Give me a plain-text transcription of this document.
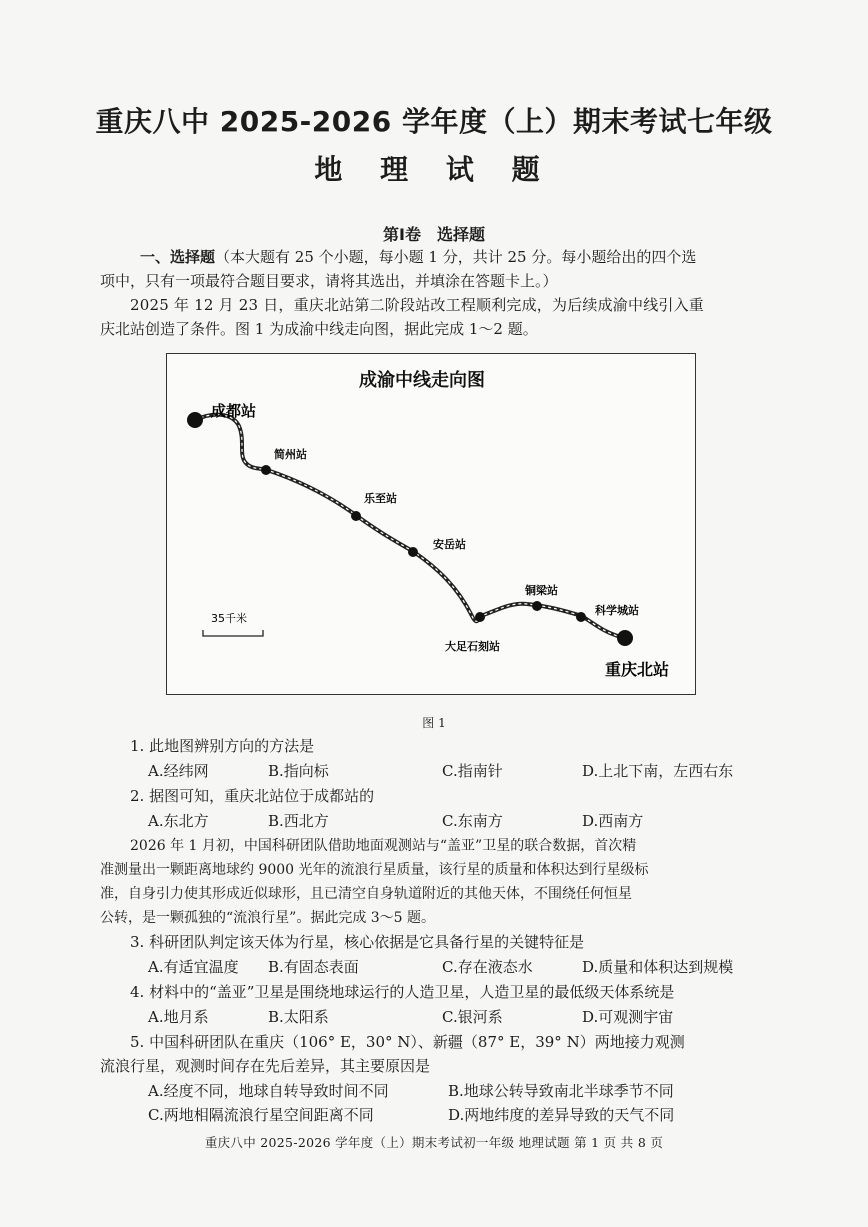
重庆八中 2025-2026 学年度（上）期末考试七年级
地 理 试 题
第Ⅰ卷　选择题
一、选择题（本大题有 25 个小题，每小题 1 分，共计 25 分。每小题给出的四个选
项中，只有一项最符合题目要求，请将其选出，并填涂在答题卡上。）
2025 年 12 月 23 日，重庆北站第二阶段站改工程顺利完成，为后续成渝中线引入重
庆北站创造了条件。图 1 为成渝中线走向图，据此完成 1～2 题。
成渝中线走向图
成都站
简州站
乐至站
安岳站
大足石刻站
铜梁站
科学城站
重庆北站
35千米
图 1
1. 此地图辨别方向的方法是
A.经纬网	B.指向标	C.指南针	D.上北下南，左西右东
2. 据图可知，重庆北站位于成都站的
A.东北方	B.西北方	C.东南方	D.西南方
2026 年 1 月初，中国科研团队借助地面观测站与“盖亚”卫星的联合数据，首次精
准测量出一颗距离地球约 9000 光年的流浪行星质量，该行星的质量和体积达到行星级标
准，自身引力使其形成近似球形，且已清空自身轨道附近的其他天体，不围绕任何恒星
公转，是一颗孤独的“流浪行星”。据此完成 3～5 题。
3. 科研团队判定该天体为行星，核心依据是它具备行星的关键特征是
A.有适宜温度 B.有固态表面	C.存在液态水	D.质量和体积达到规模
4. 材料中的“盖亚”卫星是围绕地球运行的人造卫星，人造卫星的最低级天体系统是
A.地月系	B.太阳系	C.银河系	D.可观测宇宙
5. 中国科研团队在重庆（106° E，30° N）、新疆（87° E，39° N）两地接力观测
流浪行星，观测时间存在先后差异，其主要原因是
A.经度不同，地球自转导致时间不同	B.地球公转导致南北半球季节不同
C.两地相隔流浪行星空间距离不同	D.两地纬度的差异导致的天气不同
重庆八中 2025-2026 学年度（上）期末考试初一年级 地理试题 第 1 页 共 8 页
